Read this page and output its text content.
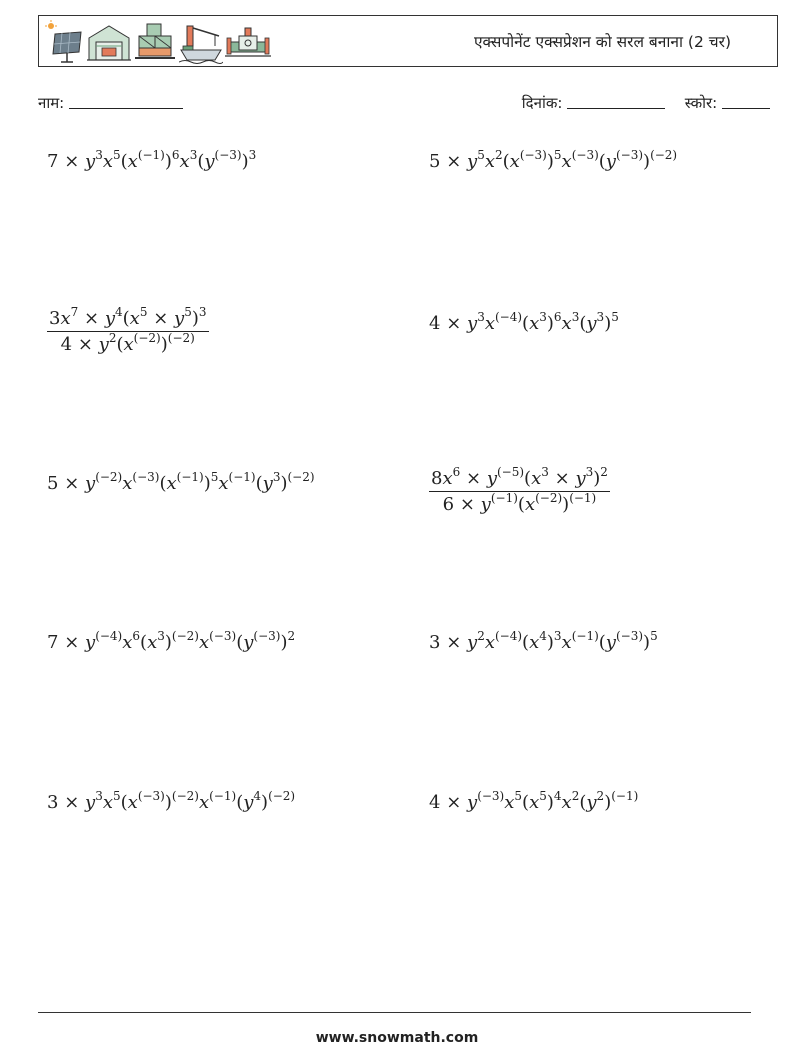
एक्सपोनेंट एक्सप्रेशन को सरल बनाना (2 चर)
नाम:	दिनांक:	स्कोर:
$7 \times y^3x^5(x^{(-1)})^6x^3(y^{(-3)})^3$	$5 \times y^5x^2(x^{(-3)})^5x^{(-3)}(y^{(-3)})^{(-2)}$
$\frac{3x^7 \times y^4(x^5 \times y^5)^3}{4 \times y^2(x^{(-2)})^{(-2)}}$	$4 \times y^3x^{(-4)}(x^3)^6x^3(y^3)^5$
$5 \times y^{(-2)}x^{(-3)}(x^{(-1)})^5x^{(-1)}(y^3)^{(-2)}$	$\frac{8x^6 \times y^{(-5)}(x^3 \times y^3)^2}{6 \times y^{(-1)}(x^{(-2)})^{(-1)}}$
$7 \times y^{(-4)}x^6(x^3)^{(-2)}x^{(-3)}(y^{(-3)})^2$	$3 \times y^2x^{(-4)}(x^4)^3x^{(-1)}(y^{(-3)})^5$
$3 \times y^3x^5(x^{(-3)})^{(-2)}x^{(-1)}(y^4)^{(-2)}$	$4 \times y^{(-3)}x^5(x^5)^4x^2(y^2)^{(-1)}$
www.snowmath.com
